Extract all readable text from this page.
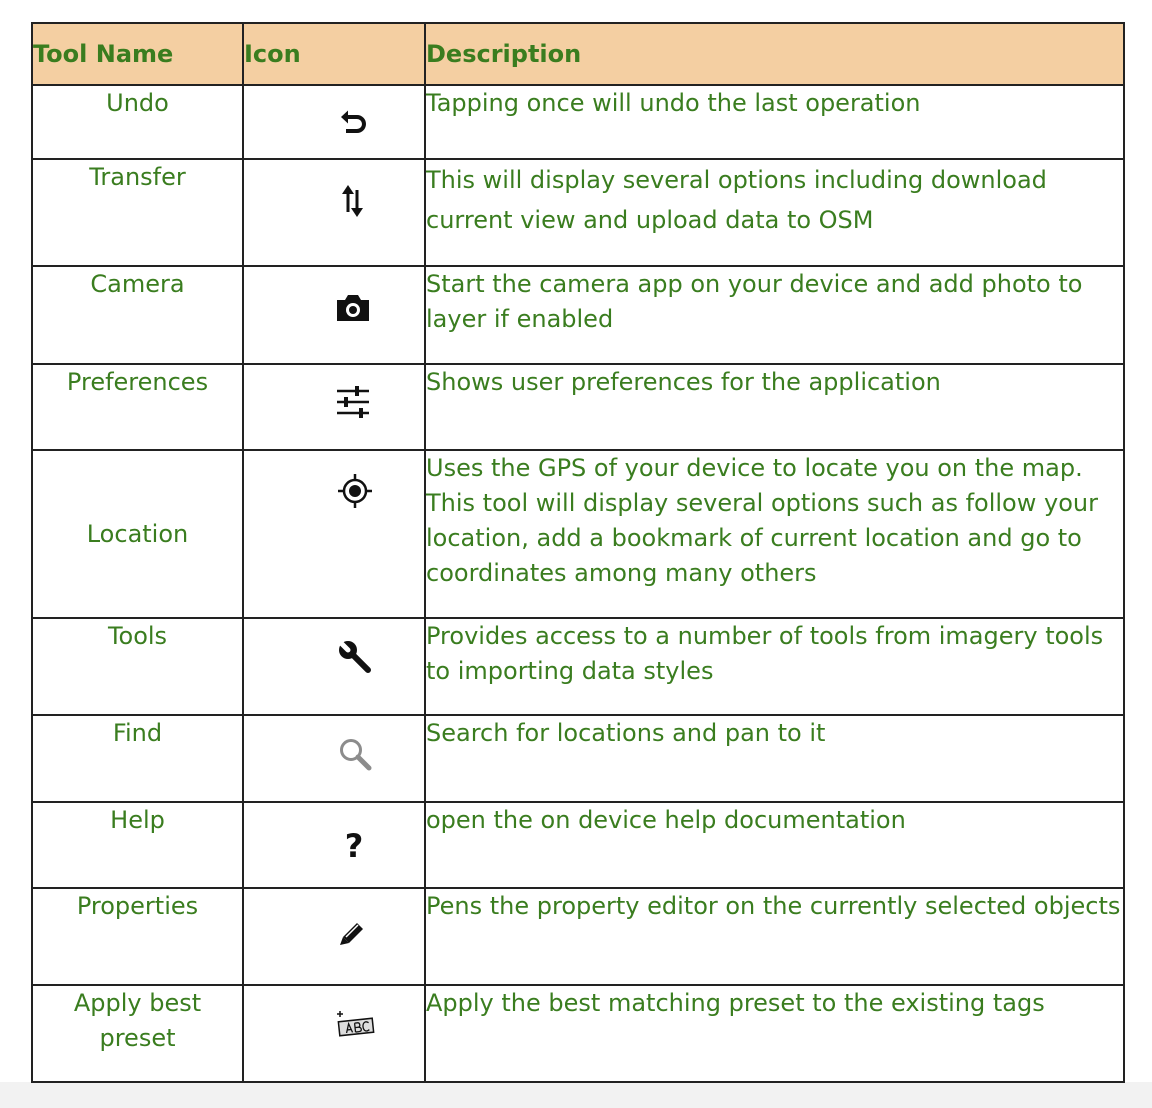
Tool Name	Icon	Description
Undo		Tapping once will undo the last operation
Transfer		This will display several options including download current view and upload data to OSM
Camera		Start the camera app on your device and add photo to layer if enabled
Preferences		Shows user preferences for the application
Location		Uses the GPS of your device to locate you on the map. This tool will display several options such as follow your location, add a bookmark of current location and go to coordinates among many others
Tools		Provides access to a number of tools from imagery tools to importing data styles
Find		Search for locations and pan to it
Help	?	open the on device help documentation
Properties		Pens the property editor on the currently selected objects
Apply best preset		Apply the best matching preset to the existing tags
